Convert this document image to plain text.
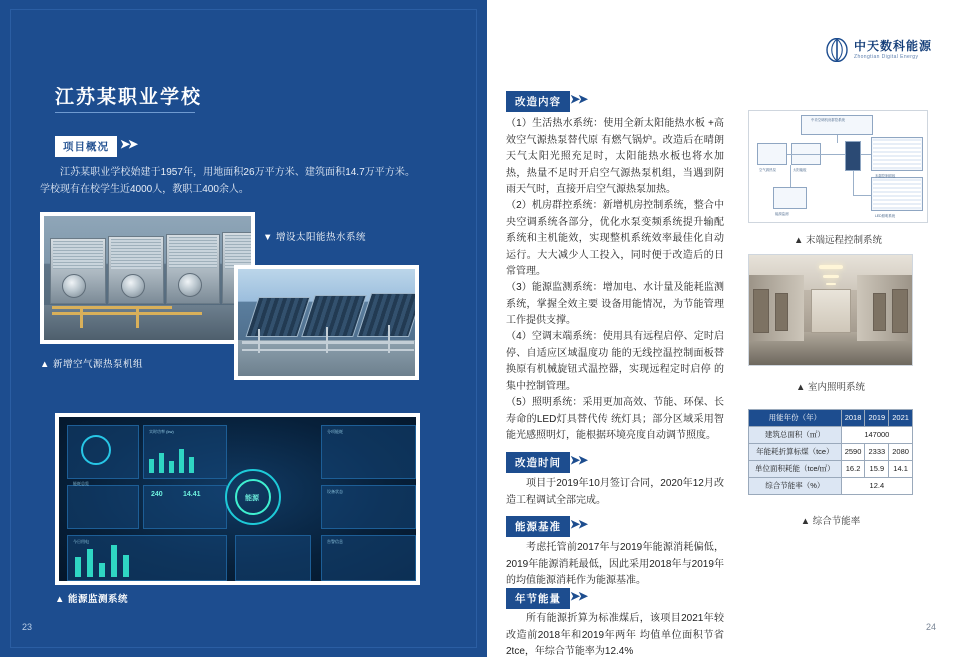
江苏某职业学校
项目概况 ➤➤
江苏某职业学校始建于1957年，用地面积26万平方米、建筑面积14.7万平方米。学校现有在校学生近4000人，教职工400余人。
▲ 新增空气源热泵机组
▼ 增设太阳能热水系统
能源
240	14.41
能耗总览
实时功率 (kw)	分项能耗
设备状态
今日用电	告警信息
▲ 能源监测系统
23
中天数科能源
Zhongtian Digital Energy
改造内容 ➤➤
（1）生活热水系统：使用全新太阳能热水板 +高效空气源热泵替代原 有燃气锅炉。改造后在晴朗天气太阳光照充足时，太阳能热水板也将水加热，热量不足时开启空气源热泵机组，当遇到阴雨天气时，直接开启空气源热泵加热。
（2）机房群控系统：新增机房控制系统，整合中央空调系统各部分，优化水泵变频系统提升输配系统和主机能效，实现整机系统效率最佳化自动运行。大大减少人工投入，同时便于改造后的日常管理。
（3）能源监测系统：增加电、水计量及能耗监测系统，掌握全效主要 设备用能情况，为节能管理工作提供支撑。
（4）空调末端系统：使用具有远程启停、定时启停、自适应区域温度功 能的无线控温控制面板替换原有机械旋钮式温控器，实现远程定时启停 的集中控制管理。
（5）照明系统：采用更加高效、节能、环保、长寿命的LED灯具替代传 统灯具；部分区域采用智能光感照明灯，能根据环境亮度自动调节照度。
改造时间 ➤➤
项目于2019年10月签订合同，2020年12月改造工程调试全部完成。
能源基准 ➤➤
考虑托管前2017年与2019年能源消耗偏低，2019年能源消耗最低，因此采用2018年与2019年的均值能源消耗作为能源基准。
年节能量 ➤➤
所有能源折算为标准煤后，该项目2021年较改造前2018年和2019年两年 均值单位面积节省2tce，年综合节能率为12.4%
中央空调机房群控系统
空气源热泵	太阳能板
能源监测
末端控制面板
LED照明系统
▲ 末端远程控制系统
▲ 室内照明系统
用能年份（年）	2018	2019	2021
建筑总面积（㎡）	147000		
年能耗折算标煤（tce）	2590	2333	2080
单位面积耗能（tce/㎡）	16.2	15.9	14.1
综合节能率（%）	12.4		
▲ 综合节能率
24
